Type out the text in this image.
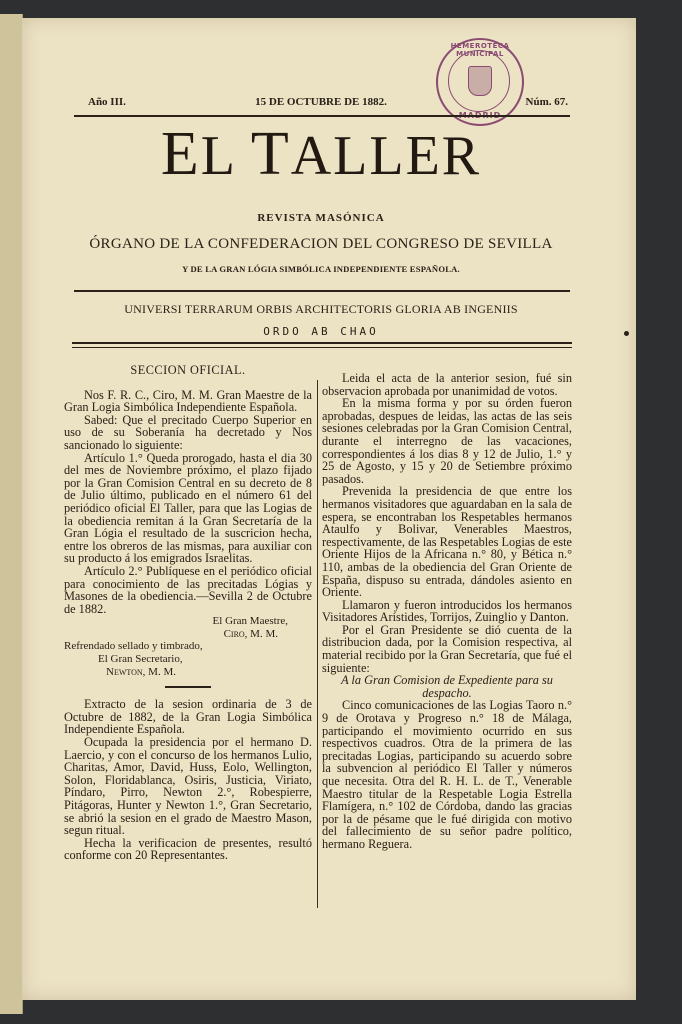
HEMEROTECA MUNICIPAL
Año III.	15 DE OCTUBRE DE 1882.	Núm. 67.
EL TALLER
REVISTA MASÓNICA
ÓRGANO DE LA CONFEDERACION DEL CONGRESO DE SEVILLA
Y DE LA GRAN LÓGIA SIMBÓLICA INDEPENDIENTE ESPAÑOLA.
UNIVERSI TERRARUM ORBIS ARCHITECTORIS GLORIA AB INGENIIS
ORDO AB CHAO

SECCION OFICIAL.

Nos F. R. C., Ciro, M. M. Gran Maestre de la Gran Logia Simbólica Independiente Española.

Sabed: Que el precitado Cuerpo Superior en uso de su Soberanía ha decretado y Nos sancionado lo siguiente:

Artículo 1.° Queda prorogado, hasta el dia 30 del mes de Noviembre próximo, el plazo fijado por la Gran Comision Central en su decreto de 8 de Julio último, publicado en el número 61 del periódico oficial El Taller, para que las Logias de la obediencia remitan á la Gran Secretaría de la Gran Lógia el resultado de la suscricion hecha, entre los obreros de las mismas, para auxiliar con su producto á los emigrados Israelitas.

Artículo 2.° Publíquese en el periódico oficial para conocimiento de las precitadas Lógias y Masones de la obediencia.—Sevilla 2 de Octubre de 1882.

El Gran Maestre,

Ciro, M. M.

Refrendado sellado y timbrado,

El Gran Secretario,

Newton, M. M.

Extracto de la sesion ordinaria de 3 de Octubre de 1882, de la Gran Logia Simbólica Independiente Española.

Ocupada la presidencia por el hermano D. Laercio, y con el concurso de los hermanos Lulio, Charitas, Amor, David, Huss, Eolo, Wellington, Solon, Floridablanca, Osiris, Justicia, Viriato, Píndaro, Pirro, Newton 2.°, Robespierre, Pitágoras, Hunter y Newton 1.°, Gran Secretario, se abrió la sesion en el grado de Maestro Mason, segun ritual.

Hecha la verificacion de presentes, resultó conforme con 20 Representantes.

Leida el acta de la anterior sesion, fué sin observacion aprobada por unanimidad de votos.

En la misma forma y por su órden fueron aprobadas, despues de leidas, las actas de las seis sesiones celebradas por la Gran Comision Central, durante el interregno de las vacaciones, correspondientes á los dias 8 y 12 de Julio, 1.° y 25 de Agosto, y 15 y 20 de Setiembre próximo pasados.

Prevenida la presidencia de que entre los hermanos visitadores que aguardaban en la sala de espera, se encontraban los Respetables hermanos Ataulfo y Bolivar, Venerables Maestros, respectivamente, de las Respetables Logias de este Oriente Hijos de la Africana n.° 80, y Bética n.° 110, ambas de la obediencia del Gran Oriente de España, dispuso su entrada, dándoles asiento en Oriente.

Llamaron y fueron introducidos los hermanos Visitadores Arístides, Torrijos, Zuinglio y Danton.

Por el Gran Presidente se dió cuenta de la distribucion dada, por la Comision respectiva, al material recibido por la Gran Secretaría, que fué el siguiente:

A la Gran Comision de Expediente para su despacho.

Cinco comunicaciones de las Logias Taoro n.° 9 de Orotava y Progreso n.° 18 de Málaga, participando el movimiento ocurrido en sus respectivos cuadros. Otra de la primera de las precitadas Logias, participando su acuerdo sobre la subvencion al periódico El Taller y números que necesita. Otra del R. H. L. de T., Venerable Maestro titular de la Respetable Logia Estrella Flamígera, n.° 102 de Córdoba, dando las gracias por la de pésame que le fué dirigida con motivo del fallecimiento de su señor padre político, hermano Reguera.
